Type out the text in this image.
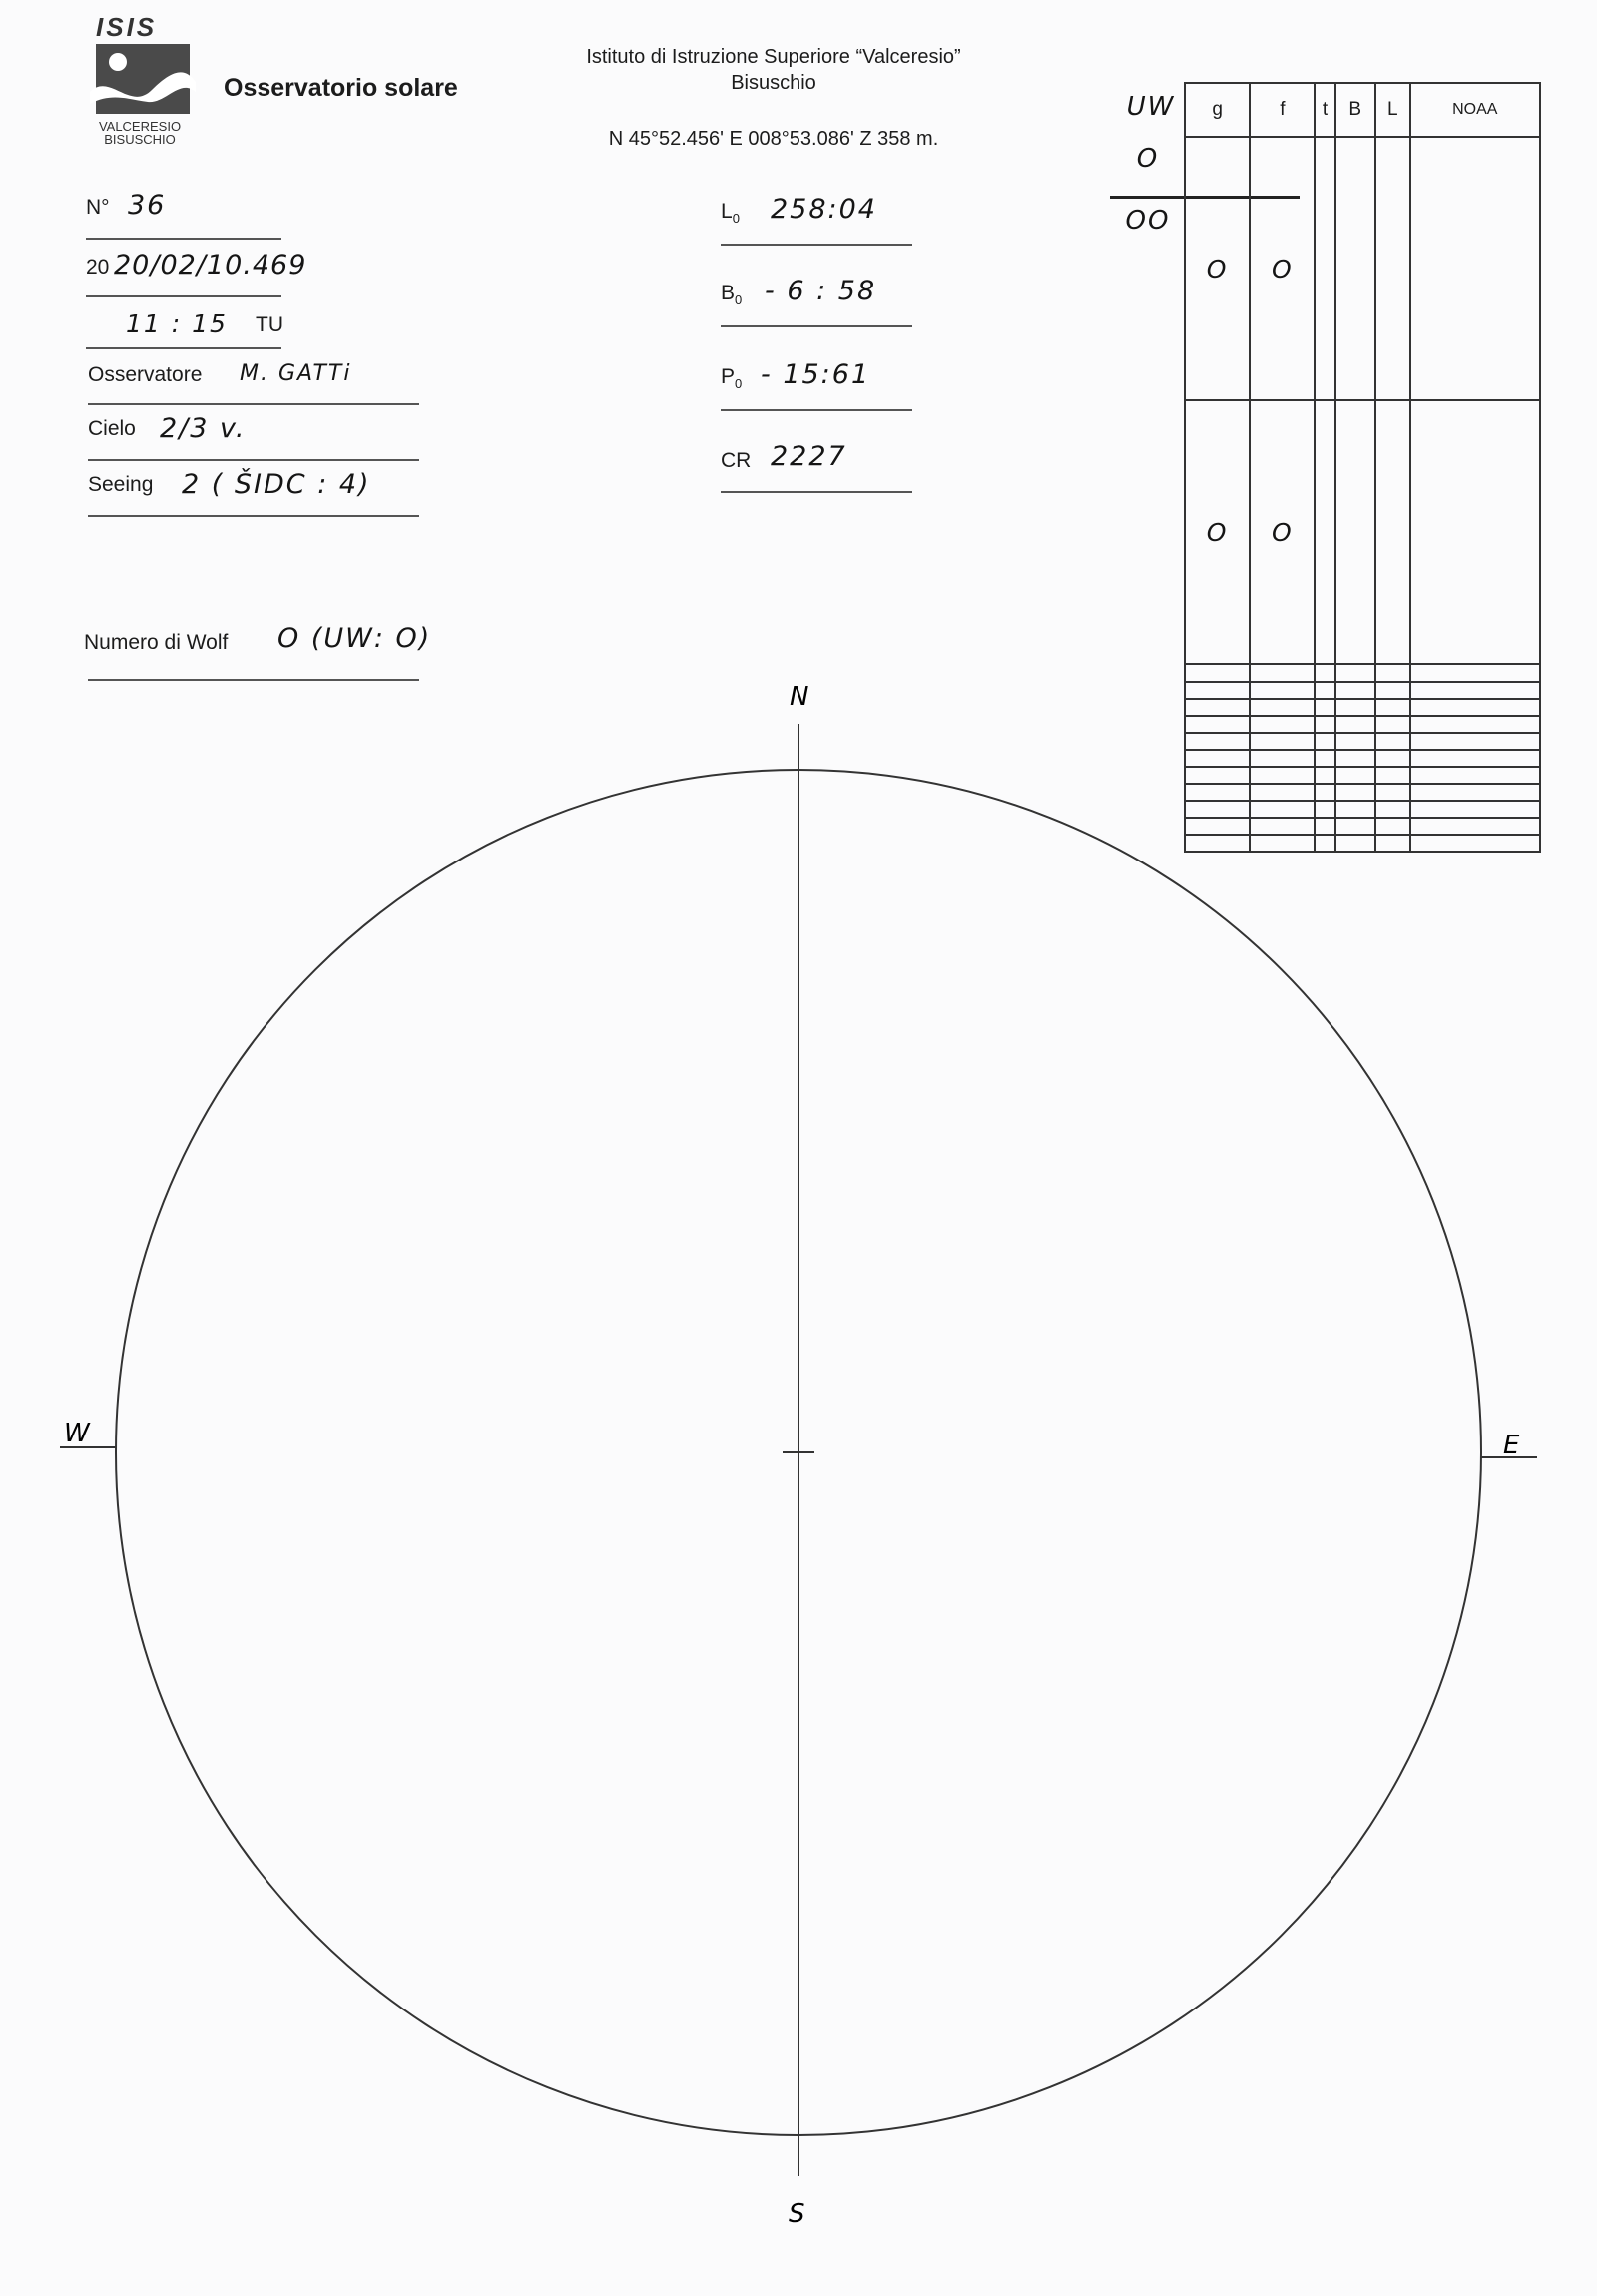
ISIS
VALCERESIO
BISUSCHIO
Osservatorio solare
Istituto di Istruzione Superiore “Valceresio”
Bisuschio
N 45°52.456' E 008°53.086' Z 358 m.
N° 36
20 20/02/10.469
11 : 15 TU
Osservatore M. GATTi
Cielo 2/3 v.
Seeing 2 ( ŠIDC : 4)
Numero di Wolf O (UW: O)
$L_0$ 258:04
$B_0 - 6$ : 58
$P_0$ - 15:61
CR 2227
UW
O
OO
g	f	t	B	L	NOAA
O	O				
O	O				

N
S
E
W
